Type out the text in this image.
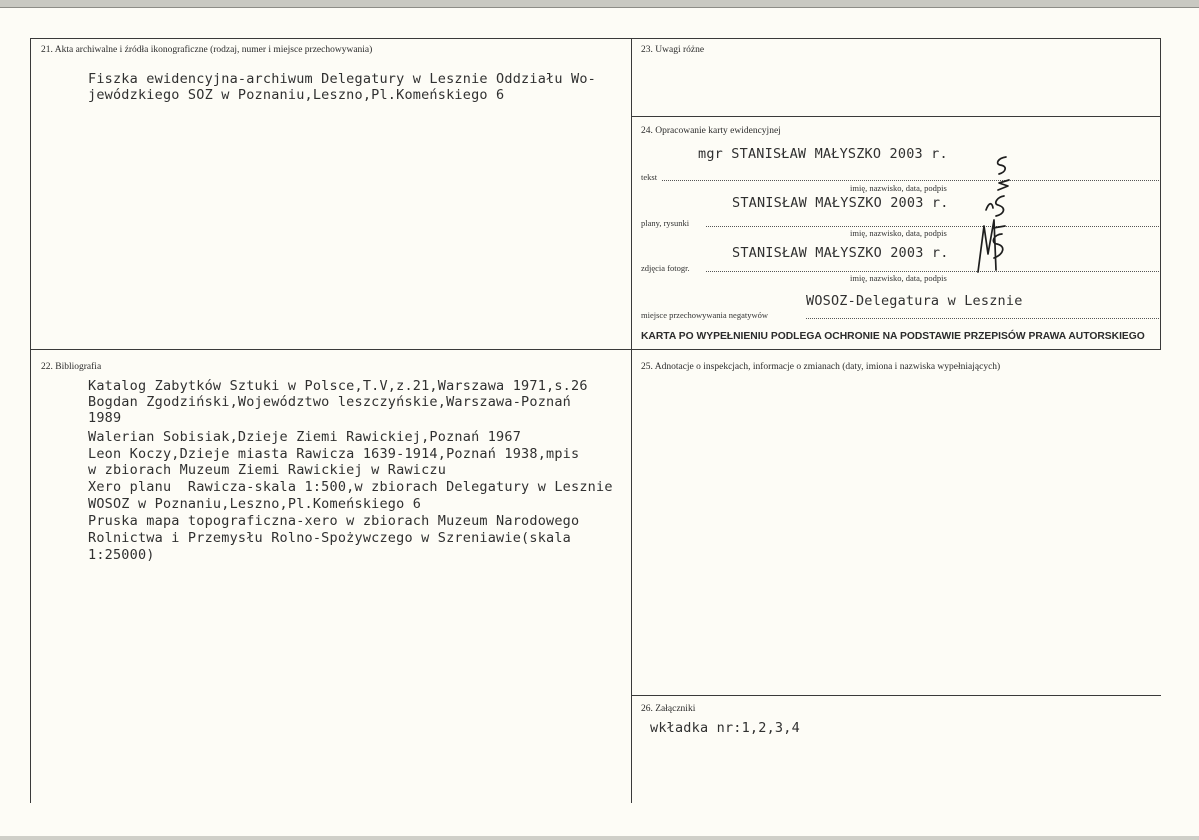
21. Akta archiwalne i źródła ikonograficzne (rodzaj, numer i miejsce przechowywania)
Fiszka ewidencyjna-archiwum Delegatury w Lesznie Oddziału Wo-
jewódzkiego SOZ w Poznaniu,Leszno,Pl.Komeńskiego 6
22. Bibliografia
Katalog Zabytków Sztuki w Polsce,T.V,z.21,Warszawa 1971,s.26
Bogdan Zgodziński,Województwo leszczyńskie,Warszawa-Poznań
1989
Walerian Sobisiak,Dzieje Ziemi Rawickiej,Poznań 1967
Leon Koczy,Dzieje miasta Rawicza 1639-1914,Poznań 1938,mpis
w zbiorach Muzeum Ziemi Rawickiej w Rawiczu
Xero planu  Rawicza-skala 1:500,w zbiorach Delegatury w Lesznie
WOSOZ w Poznaniu,Leszno,Pl.Komeńskiego 6
Pruska mapa topograficzna-xero w zbiorach Muzeum Narodowego
Rolnictwa i Przemysłu Rolno-Spożywczego w Szreniawie(skala
1:25000)
23. Uwagi różne
24. Opracowanie karty ewidencyjnej
mgr STANISŁAW MAŁYSZKO 2003 r.
tekst
imię, nazwisko, data, podpis
STANISŁAW MAŁYSZKO 2003 r.
plany, rysunki
imię, nazwisko, data, podpis
STANISŁAW MAŁYSZKO 2003 r.
zdjęcia fotogr.
imię, nazwisko, data, podpis
WOSOZ-Delegatura w Lesznie
miejsce przechowywania negatywów
KARTA PO WYPEŁNIENIU PODLEGA OCHRONIE NA PODSTAWIE PRZEPISÓW PRAWA AUTORSKIEGO
25. Adnotacje o inspekcjach, informacje o zmianach (daty, imiona i nazwiska wypełniających)
26. Załączniki
wkładka nr:1,2,3,4
